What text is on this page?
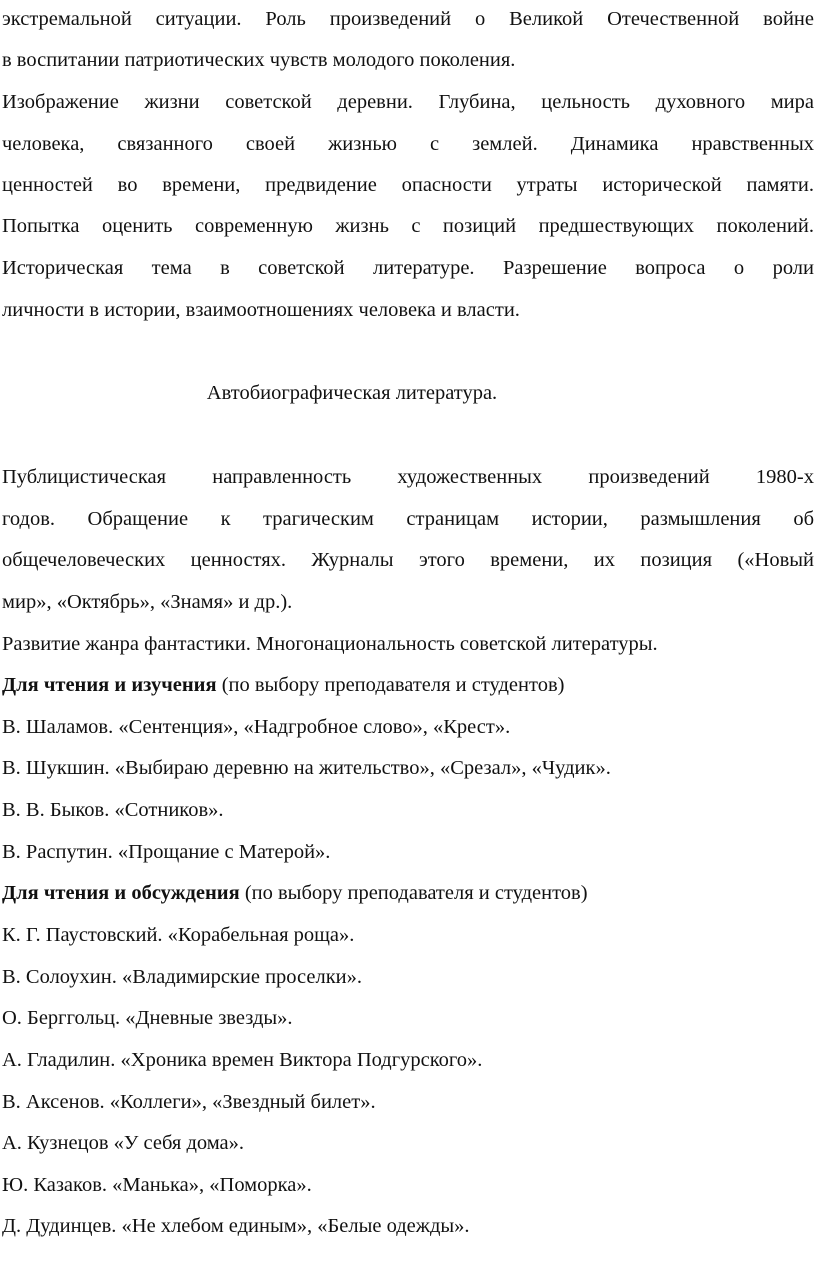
экстремальной ситуации. Роль произведений о Великой Отечественной войне
в воспитании патриотических чувств молодого поколения.
Изображение жизни советской деревни. Глубина, цельность духовного мира
человека, связанного своей жизнью с землей. Динамика нравственных
ценностей во времени, предвидение опасности утраты исторической памяти.
Попытка оценить современную жизнь с позиций предшествующих поколений.
Историческая тема в советской литературе. Разрешение вопроса о роли
личности в истории, взаимоотношениях человека и власти.
Автобиографическая литература.
Публицистическая направленность художественных произведений 1980-х
годов. Обращение к трагическим страницам истории, размышления об
общечеловеческих ценностях. Журналы этого времени, их позиция («Новый
мир», «Октябрь», «Знамя» и др.).
Развитие жанра фантастики. Многонациональность советской литературы.
Для чтения и изучения (по выбору преподавателя и студентов)
В. Шаламов. «Сентенция», «Надгробное слово», «Крест».
В. Шукшин. «Выбираю деревню на жительство», «Срезал», «Чудик».
В. В. Быков. «Сотников».
В. Распутин. «Прощание с Матерой».
Для чтения и обсуждения (по выбору преподавателя и студентов)
К. Г. Паустовский. «Корабельная роща».
В. Солоухин. «Владимирские проселки».
О. Берггольц. «Дневные звезды».
А. Гладилин. «Хроника времен Виктора Подгурского».
В. Аксенов. «Коллеги», «Звездный билет».
А. Кузнецов «У себя дома».
Ю. Казаков. «Манька», «Поморка».
Д. Дудинцев. «Не хлебом единым», «Белые одежды».
